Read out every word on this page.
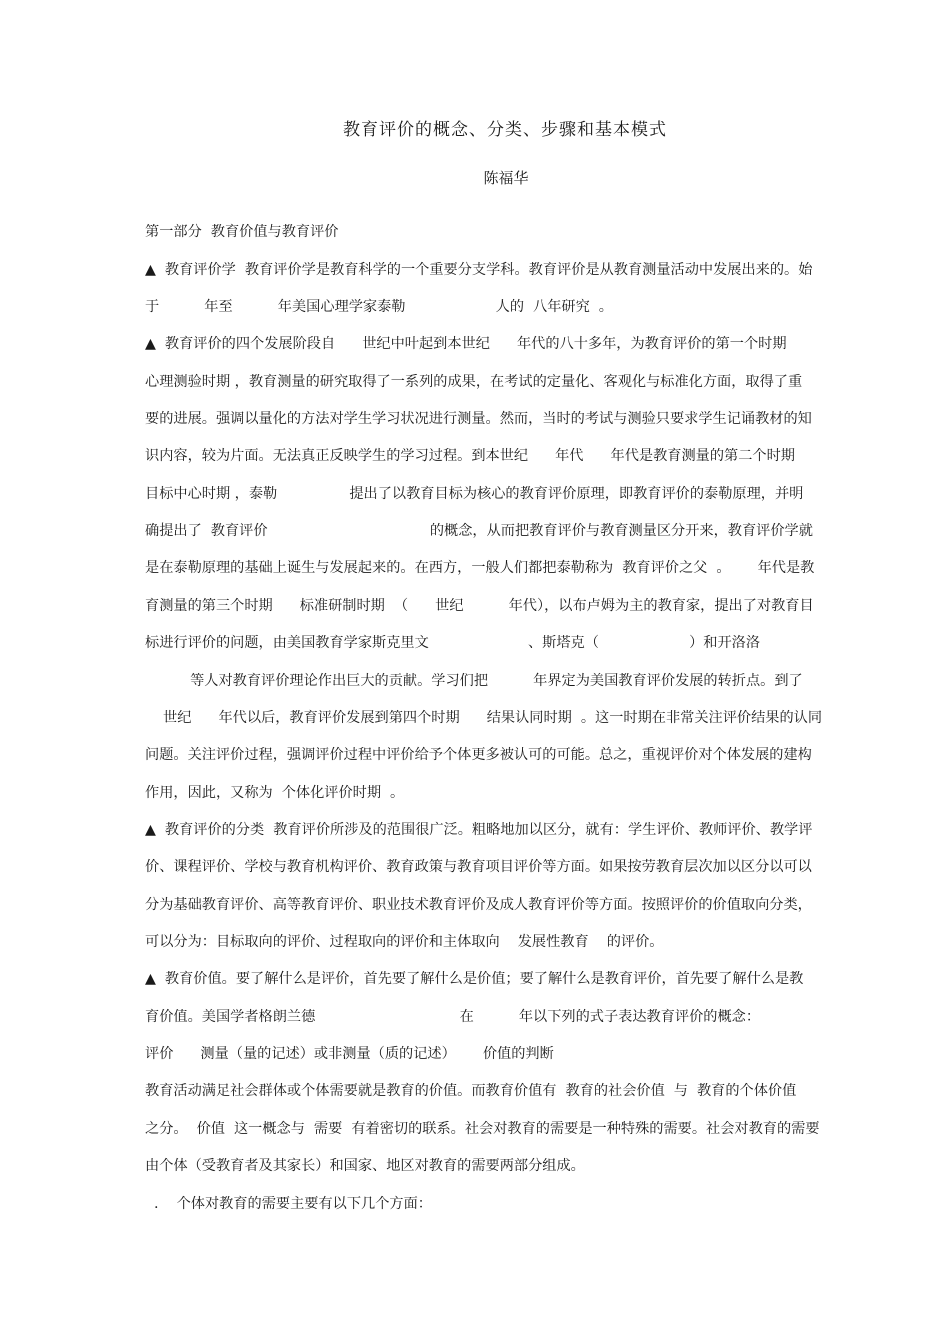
教育评价的概念、分类、步骤和基本模式
陈福华
第一部分  教育价值与教育评价
▲  教育评价学  教育评价学是教育科学的一个重要分支学科。教育评价是从教育测量活动中发展出来的。始
于          年至          年美国心理学家泰勒                    人的  八年研究  。
▲  教育评价的四个发展阶段自      世纪中叶起到本世纪      年代的八十多年，为教育评价的第一个时期
心理测验时期 ，教育测量的研究取得了一系列的成果，在考试的定量化、客观化与标准化方面，取得了重
要的进展。强调以量化的方法对学生学习状况进行测量。然而，当时的考试与测验只要求学生记诵教材的知
识内容，较为片面。无法真正反映学生的学习过程。到本世纪      年代      年代是教育测量的第二个时期
目标中心时期 ，泰勒                提出了以教育目标为核心的教育评价原理，即教育评价的泰勒原理，并明
确提出了  教育评价                                    的概念，从而把教育评价与教育测量区分开来，教育评价学就
是在泰勒原理的基础上诞生与发展起来的。在西方，一般人们都把泰勒称为  教育评价之父  。      年代是教
育测量的第三个时期      标准研制时期  （      世纪          年代），以布卢姆为主的教育家，提出了对教育目
标进行评价的问题，由美国教育学家斯克里文                      、斯塔克（                    ）和开洛洛
等人对教育评价理论作出巨大的贡献。学习们把          年界定为美国教育评价发展的转折点。到了
世纪      年代以后，教育评价发展到第四个时期      结果认同时期  。这一时期在非常关注评价结果的认同
问题。关注评价过程，强调评价过程中评价给予个体更多被认可的可能。总之，重视评价对个体发展的建构
作用，因此，又称为  个体化评价时期  。
▲  教育评价的分类  教育评价所涉及的范围很广泛。粗略地加以区分，就有：学生评价、教师评价、教学评
价、课程评价、学校与教育机构评价、教育政策与教育项目评价等方面。如果按劳教育层次加以区分以可以
分为基础教育评价、高等教育评价、职业技术教育评价及成人教育评价等方面。按照评价的价值取向分类，
可以分为：目标取向的评价、过程取向的评价和主体取向    发展性教育    的评价。
▲  教育价值。要了解什么是评价，首先要了解什么是价值；要了解什么是教育评价，首先要了解什么是教
育价值。美国学者格朗兰德                                在          年以下列的式子表达教育评价的概念：
评价      测量（量的记述）或非测量（质的记述）      价值的判断
教育活动满足社会群体或个体需要就是教育的价值。而教育价值有  教育的社会价值  与  教育的个体价值
之分。  价值  这一概念与  需要  有着密切的联系。社会对教育的需要是一种特殊的需要。社会对教育的需要
由个体（受教育者及其家长）和国家、地区对教育的需要两部分组成。
.    个体对教育的需要主要有以下几个方面：
